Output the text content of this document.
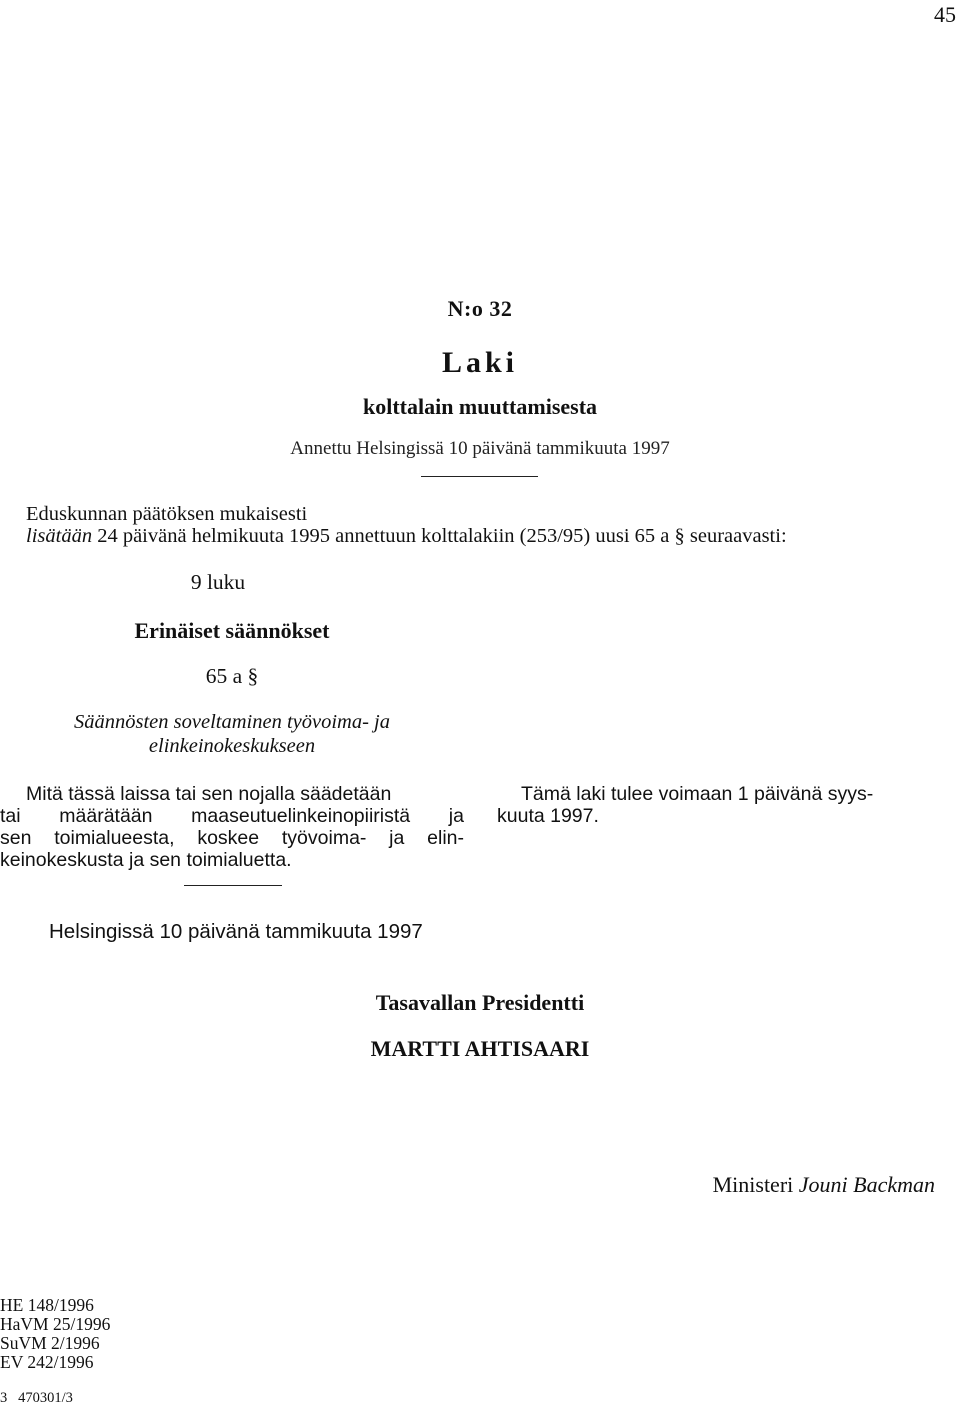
45
N:o 32
Laki
kolttalain muuttamisesta
Annettu Helsingissä 10 päivänä tammikuuta 1997
Eduskunnan päätöksen mukaisesti
lisätään 24 päivänä helmikuuta 1995 annettuun kolttalakiin (253/95) uusi 65 a § seuraavasti:
9 luku
Erinäiset säännökset
65 a §
Säännösten soveltaminen työvoima- ja
elinkeinokeskukseen
Mitä tässä laissa tai sen nojalla säädetään
tai määrätään maaseutuelinkeinopiiristä ja
sen toimialueesta, koskee työvoima- ja elin-
keinokeskusta ja sen toimialuetta.
Tämä laki tulee voimaan 1 päivänä syys-
kuuta 1997.
Helsingissä 10 päivänä tammikuuta 1997
Tasavallan Presidentti
MARTTI AHTISAARI
Ministeri Jouni Backman
HE 148/1996
HaVM 25/1996
SuVM 2/1996
EV 242/1996
3   470301/3
